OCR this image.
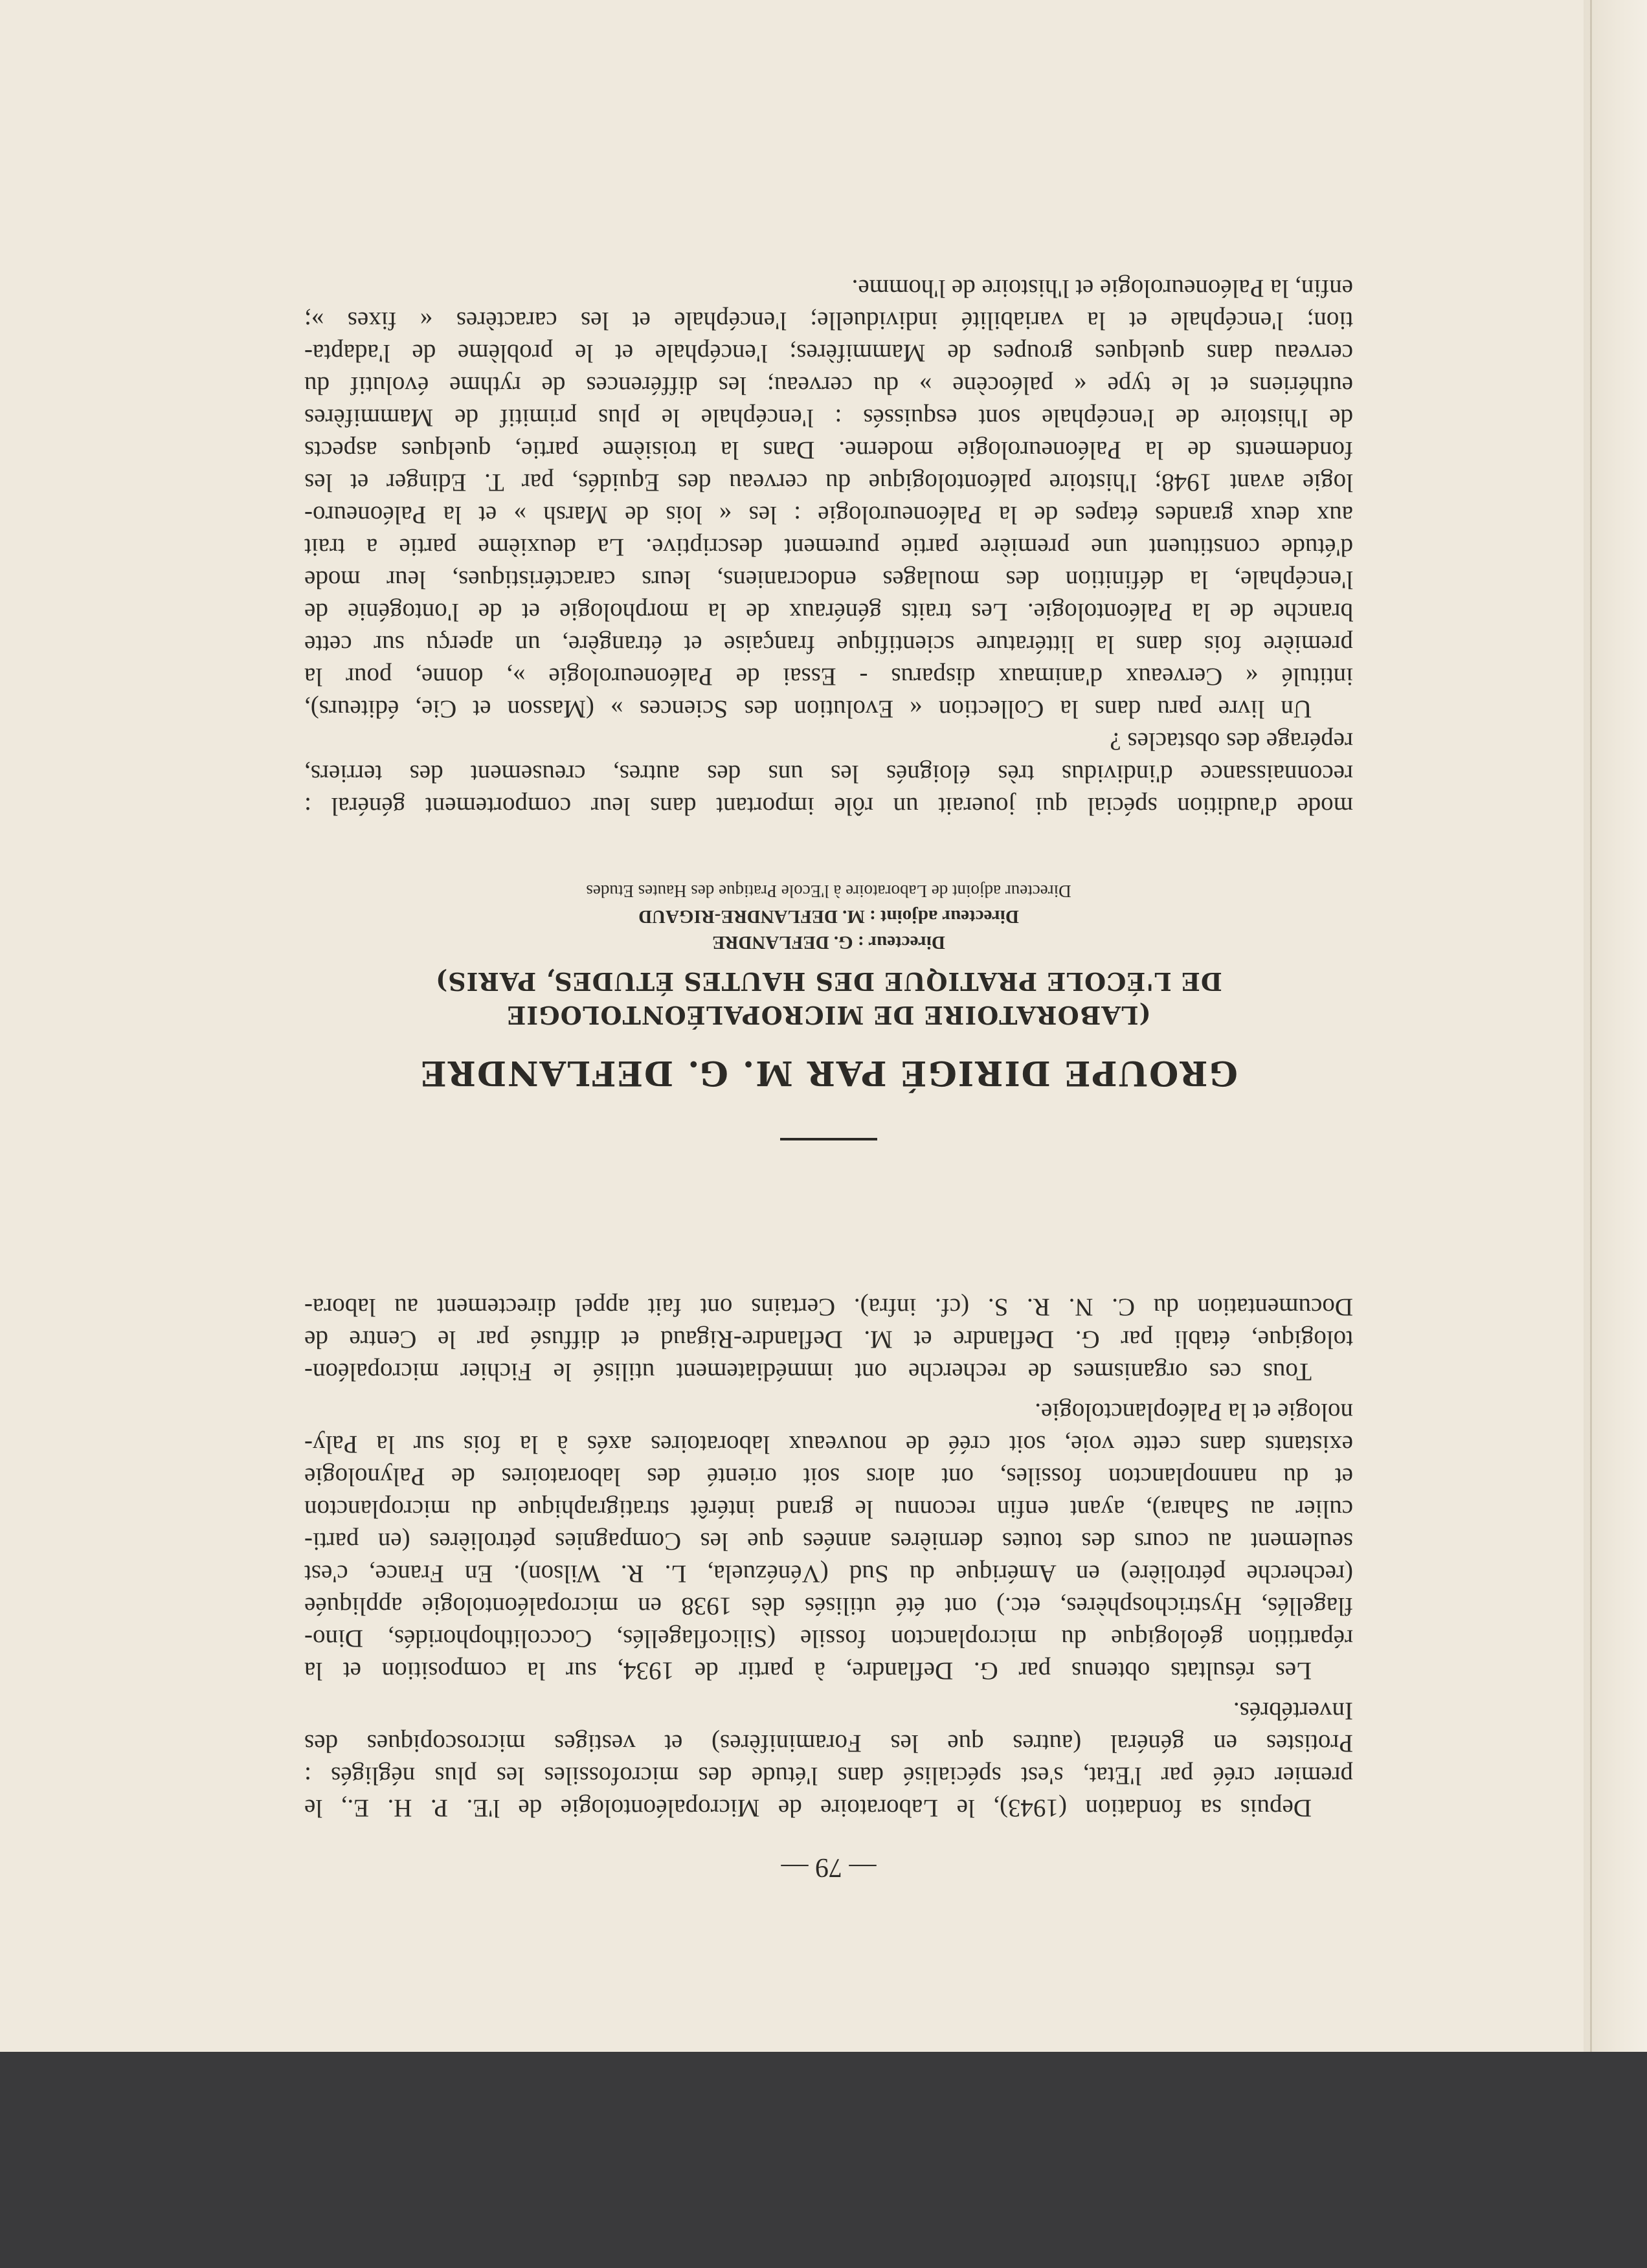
— 79 —

Depuis sa fondation (1943), le Laboratoire de Micropaléontologie de l'E. P. H. E., le
premier créé par l'Etat, s'est spécialisé dans l'étude des microfossiles les plus négligés :
Protistes en général (autres que les Foraminifères) et vestiges microscopiques des
Invertébrés.

Les résultats obtenus par G. Deflandre, à partir de 1934, sur la composition et la
répartition géologique du microplancton fossile (Silicoflagellés, Coccolithophoridés, Dino-
flagellés, Hystrichosphères, etc.) ont été utilisés dès 1938 en micropaléontologie appliquée
(recherche pétrolière) en Amérique du Sud (Vénézuela, L. R. Wilson). En France, c'est
seulement au cours des toutes dernières années que les Compagnies pétrolières (en parti-
culier au Sahara), ayant enfin reconnu le grand intérêt stratigraphique du microplancton
et du nannoplancton fossiles, ont alors soit orienté des laboratoires de Palynologie
existants dans cette voie, soit créé de nouveaux laboratoires axés à la fois sur la Paly-
nologie et la Paléoplanctologie.

Tous ces organismes de recherche ont immédiatement utilisé le Fichier micropaléon-
tologique, établi par G. Deflandre et M. Deflandre-Rigaud et diffusé par le Centre de
Documentation du C. N. R. S. (cf. infra). Certains ont fait appel directement au labora-

GROUPE DIRIGÉ PAR M. G. DEFLANDRE

(LABORATOIRE DE MICROPALÉONTOLOGIE

DE L'ÉCOLE PRATIQUE DES HAUTES ÉTUDES, PARIS)

Directeur : G. DEFLANDRE

Directeur adjoint : M. DEFLANDRE-RIGAUD

Directeur adjoint de Laboratoire à l'Ecole Pratique des Hautes Etudes

mode d'audition spécial qui jouerait un rôle important dans leur comportement général :
reconnaissance d'individus très éloignés les uns des autres, creusement des terriers,
repérage des obstacles ?

Un livre paru dans la Collection « Evolution des Sciences » (Masson et Cie, éditeurs),
intitulé « Cerveaux d'animaux disparus - Essai de Paléoneurologie », donne, pour la
première fois dans la littérature scientifique française et étrangère, un aperçu sur cette
branche de la Paléontologie. Les traits généraux de la morphologie et de l'ontogénie de
l'encéphale, la définition des moulages endocraniens, leurs caractéristiques, leur mode
d'étude constituent une première partie purement descriptive. La deuxième partie a trait
aux deux grandes étapes de la Paléoneurologie : les « lois de Marsh » et la Paléoneuro-
logie avant 1948; l'histoire paléontologique du cerveau des Equidés, par T. Edinger et les
fondements de la Paléoneurologie moderne. Dans la troisième partie, quelques aspects
de l'histoire de l'encéphale sont esquissés : l'encéphale le plus primitif de Mammifères
euthériens et le type « paléocène » du cerveau; les différences de rythme évolutif du
cerveau dans quelques groupes de Mammifères; l'encéphale et le problème de l'adapta-
tion; l'encéphale et la variabilité individuelle; l'encéphale et les caractères « fixes »;
enfin, la Paléoneurologie et l'histoire de l'homme.
